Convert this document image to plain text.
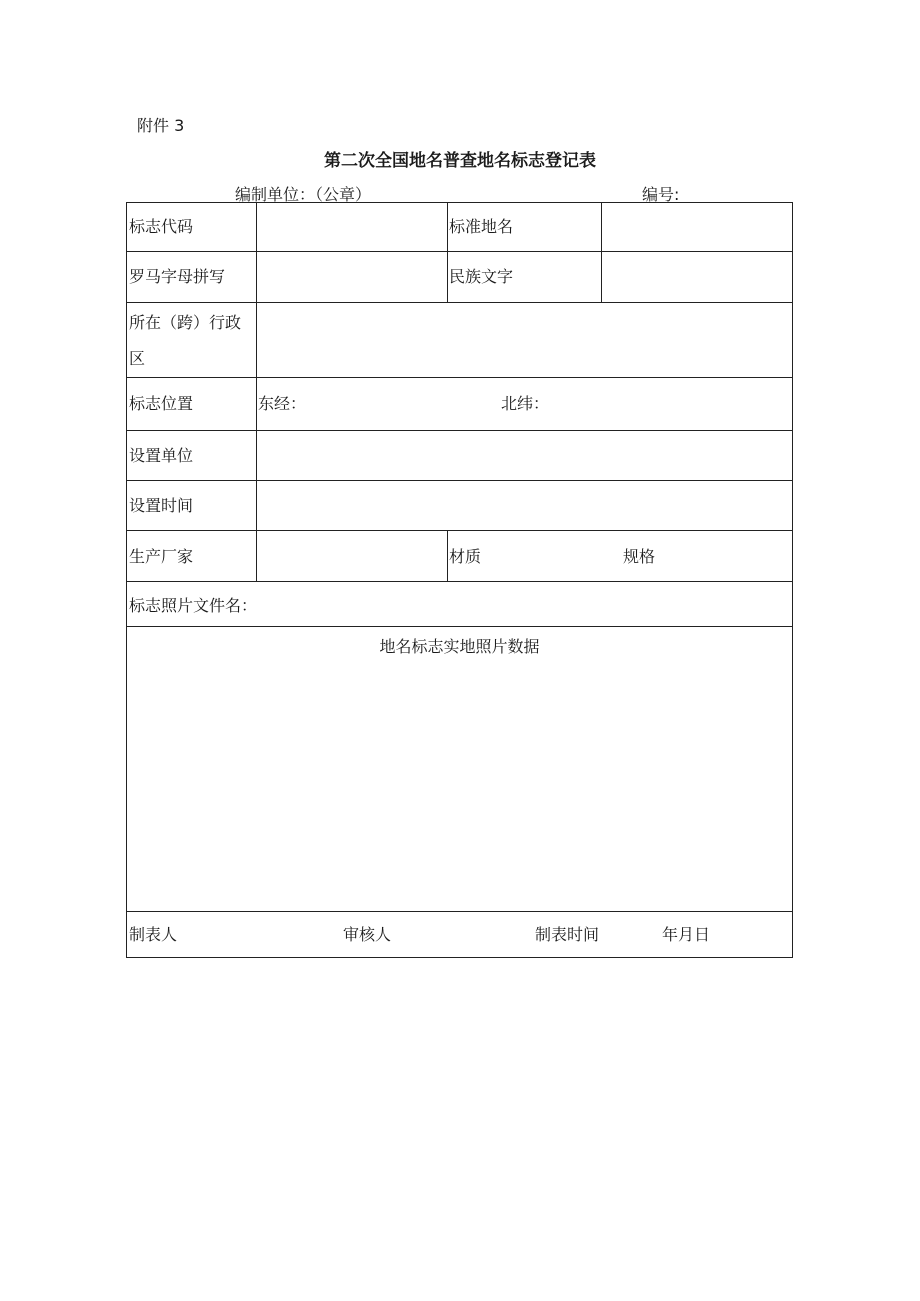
附件 3
第二次全国地名普查地名标志登记表
编制单位：（公章）	编号:
标志代码	标准地名
罗马字母拼写	民族文字
所在（跨）行政
区
标志位置	东经：	北纬：
设置单位
设置时间
生产厂家	材质	规格
标志照片文件名：
地名标志实地照片数据
制表人	审核人	制表时间	年月日
